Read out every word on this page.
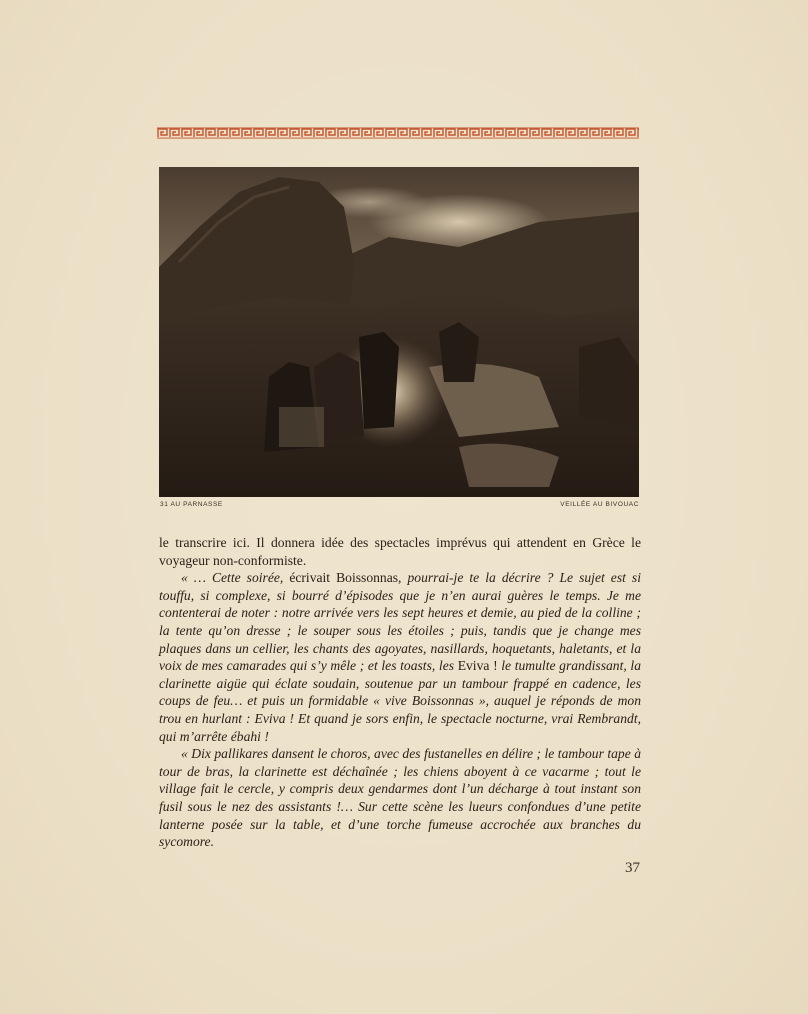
31 AU PARNASSE	VEILLÉE AU BIVOUAC

le transcrire ici. Il donnera idée des spectacles imprévus qui attendent en Grèce le voyageur non-conformiste.

« … Cette soirée, écrivait Boissonnas, pourrai-je te la décrire ? Le sujet est si touffu, si complexe, si bourré d’épisodes que je n’en aurai guères le temps. Je me contenterai de noter : notre arrivée vers les sept heures et demie, au pied de la colline ; la tente qu’on dresse ; le souper sous les étoiles ; puis, tandis que je change mes plaques dans un cellier, les chants des agoyates, nasillards, hoquetants, haletants, et la voix de mes camarades qui s’y mêle ; et les toasts, les Eviva ! le tumulte grandissant, la clarinette aigüe qui éclate soudain, soutenue par un tambour frappé en cadence, les coups de feu… et puis un formidable « vive Boissonnas », auquel je réponds de mon trou en hurlant : Eviva ! Et quand je sors enfin, le spectacle nocturne, vrai Rembrandt, qui m’arrête ébahi !

« Dix pallikares dansent le choros, avec des fustanelles en délire ; le tambour tape à tour de bras, la clarinette est déchaînée ; les chiens aboyent à ce vacarme ; tout le village fait le cercle, y compris deux gendarmes dont l’un décharge à tout instant son fusil sous le nez des assistants !… Sur cette scène les lueurs confondues d’une petite lanterne posée sur la table, et d’une torche fumeuse accrochée aux branches du sycomore.

37
